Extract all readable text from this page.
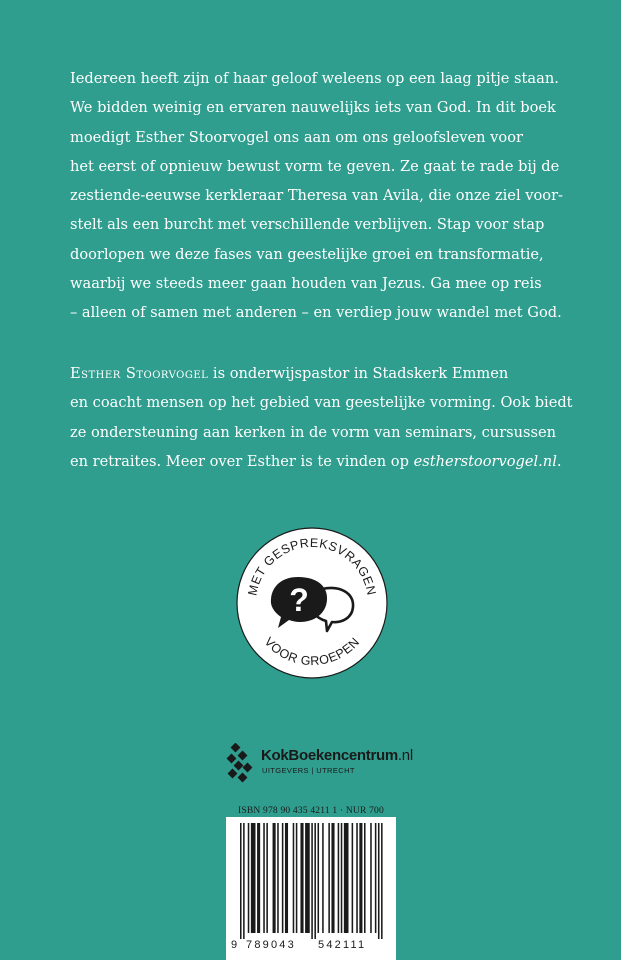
Iedereen heeft zijn of haar geloof weleens op een laag pitje staan.
We bidden weinig en ervaren nauwelijks iets van God. In dit boek
moedigt Esther Stoorvogel ons aan om ons geloofsleven voor
het eerst of opnieuw bewust vorm te geven. Ze gaat te rade bij de
zestiende-eeuwse kerkleraar Theresa van Avila, die onze ziel voor-
stelt als een burcht met verschillende verblijven. Stap voor stap
doorlopen we deze fases van geestelijke groei en transformatie,
waarbij we steeds meer gaan houden van Jezus. Ga mee op reis
– alleen of samen met anderen – en verdiep jouw wandel met God.
Esther Stoorvogel is onderwijspastor in Stadskerk Emmen
en coacht mensen op het gebied van geestelijke vorming. Ook biedt
ze ondersteuning aan kerken in de vorm van seminars, cursussen
en retraites. Meer over Esther is te vinden op estherstoorvogel.nl.
MET GESPREKSVRAGEN
VOOR GROEPEN
?
KokBoekencentrum.nl
UITGEVERS | UTRECHT
ISBN 978 90 435 4211 1 · NUR 700
9 789043 542111
